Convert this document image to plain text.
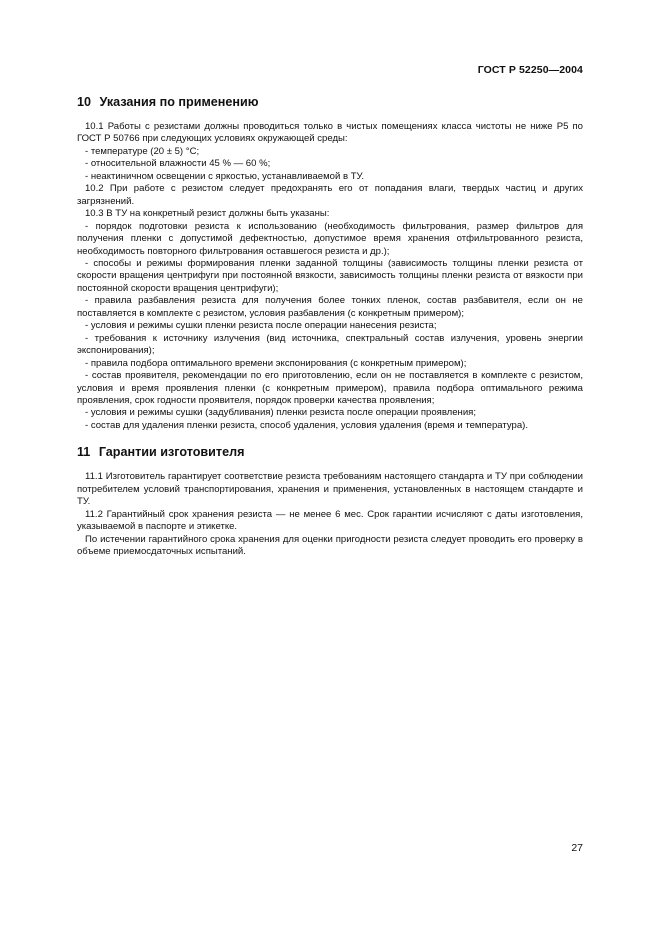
ГОСТ Р 52250—2004
10 Указания по применению

10.1 Работы с резистами должны проводиться только в чистых помещениях класса чистоты не ниже Р5 по ГОСТ Р 50766 при следующих условиях окружающей среды:

- температуре (20 ± 5) °С;

- относительной влажности 45 % — 60 %;

- неактиничном освещении с яркостью, устанавливаемой в ТУ.

10.2 При работе с резистом следует предохранять его от попадания влаги, твердых частиц и других загрязнений.

10.3 В ТУ на конкретный резист должны быть указаны:

- порядок подготовки резиста к использованию (необходимость фильтрования, размер фильтров для получения пленки с допустимой дефектностью, допустимое время хранения отфильтрованного резиста, необходимость повторного фильтрования оставшегося резиста и др.);

- способы и режимы формирования пленки заданной толщины (зависимость толщины пленки резиста от скорости вращения центрифуги при постоянной вязкости, зависимость толщины пленки резиста от вязкости при постоянной скорости вращения центрифуги);

- правила разбавления резиста для получения более тонких пленок, состав разбавителя, если он не поставляется в комплекте с резистом, условия разбавления (с конкретным примером);

- условия и режимы сушки пленки резиста после операции нанесения резиста;

- требования к источнику излучения (вид источника, спектральный состав излучения, уровень энергии экспонирования);

- правила подбора оптимального времени экспонирования (с конкретным примером);

- состав проявителя, рекомендации по его приготовлению, если он не поставляется в комплекте с резистом, условия и время проявления пленки (с конкретным примером), правила подбора оптимального режима проявления, срок годности проявителя, порядок проверки качества проявления;

- условия и режимы сушки (задубливания) пленки резиста после операции проявления;

- состав для удаления пленки резиста, способ удаления, условия удаления (время и температура).

11 Гарантии изготовителя

11.1 Изготовитель гарантирует соответствие резиста требованиям настоящего стандарта и ТУ при соблюдении потребителем условий транспортирования, хранения и применения, установленных в настоящем стандарте и ТУ.

11.2 Гарантийный срок хранения резиста — не менее 6 мес. Срок гарантии исчисляют с даты изготовления, указываемой в паспорте и этикетке.

По истечении гарантийного срока хранения для оценки пригодности резиста следует проводить его проверку в объеме приемосдаточных испытаний.

27
